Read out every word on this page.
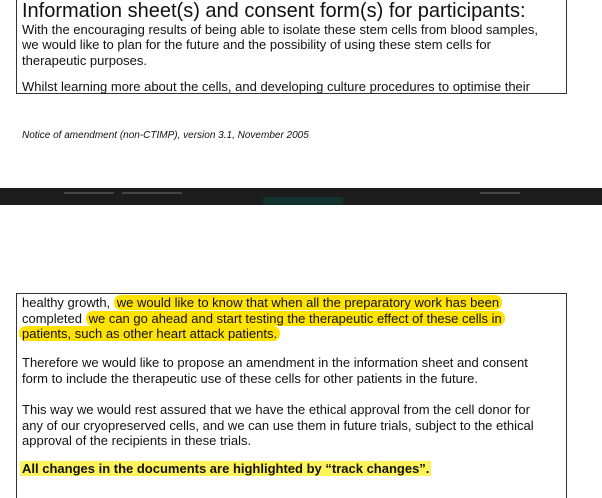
Information sheet(s) and consent form(s) for participants:
With the encouraging results of being able to isolate these stem cells from blood samples,
we would like to plan for the future and the possibility of using these stem cells for
therapeutic purposes.
Whilst learning more about the cells, and developing culture procedures to optimise their
Notice of amendment (non-CTIMP), version 3.1, November 2005
healthy growth, we would like to know that when all the preparatory work has been
completed we can go ahead and start testing the therapeutic effect of these cells in
patients, such as other heart attack patients.
Therefore we would like to propose an amendment in the information sheet and consent
form to include the therapeutic use of these cells for other patients in the future.
This way we would rest assured that we have the ethical approval from the cell donor for
any of our cryopreserved cells, and we can use them in future trials, subject to the ethical
approval of the recipients in these trials.
All changes in the documents are highlighted by “track changes”.
